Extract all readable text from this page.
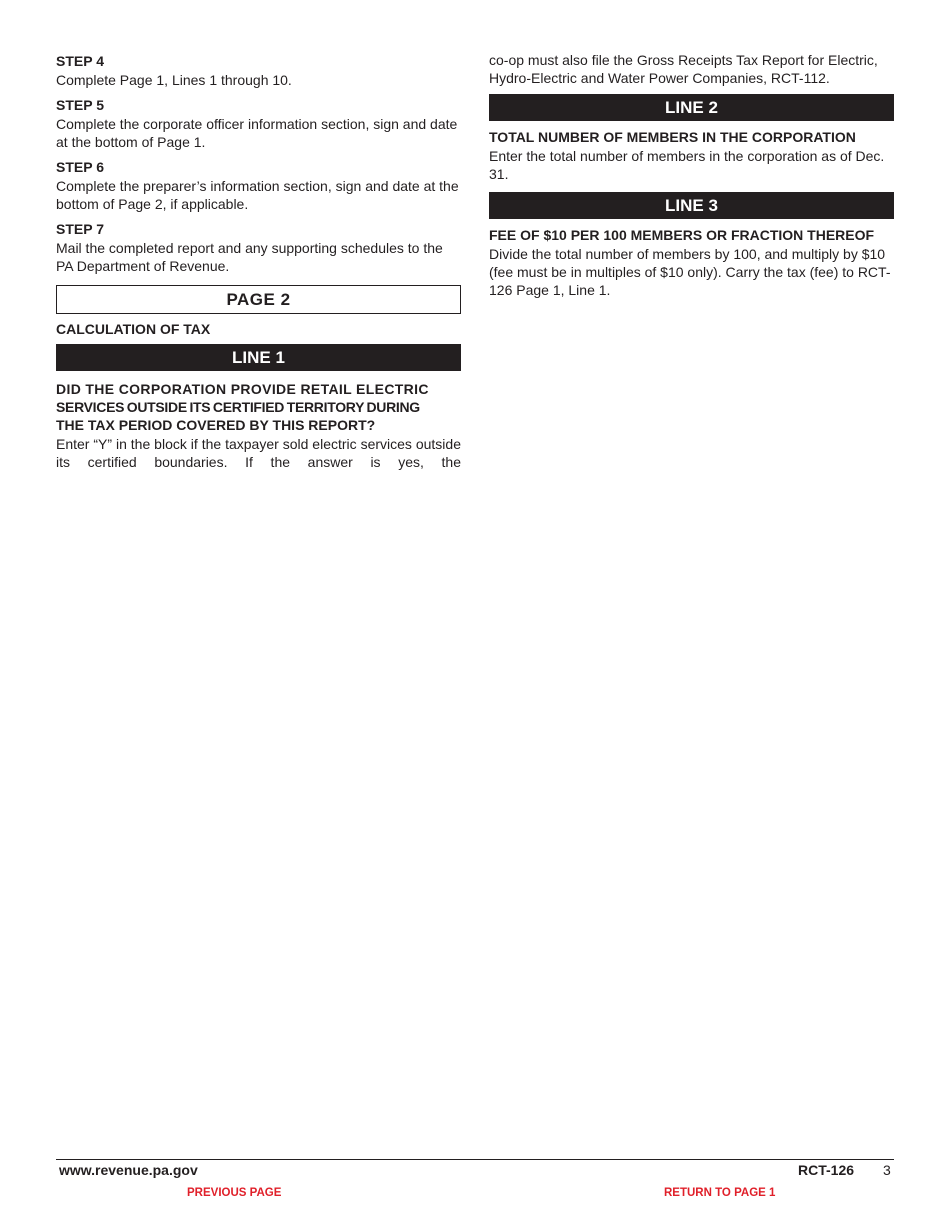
STEP 4

Complete Page 1, Lines 1 through 10.

STEP 5

Complete the corporate officer information section, sign and date at the bottom of Page 1.

STEP 6

Complete the preparer’s information section, sign and date at the bottom of Page 2, if applicable.

STEP 7

Mail the completed report and any supporting schedules to the PA Department of Revenue.

PAGE 2

CALCULATION OF TAX

LINE 1
DID THE CORPORATION PROVIDE RETAIL ELECTRIC
SERVICES OUTSIDE ITS CERTIFIED TERRITORY DURING
THE TAX PERIOD COVERED BY THIS REPORT?

Enter “Y” in the block if the taxpayer sold electric services outside its certified boundaries. If the answer is yes, the

co-op must also file the Gross Receipts Tax Report for Electric, Hydro-Electric and Water Power Companies, RCT-112.

LINE 2

TOTAL NUMBER OF MEMBERS IN THE CORPORATION

Enter the total number of members in the corporation as of Dec. 31.

LINE 3

FEE OF $10 PER 100 MEMBERS OR FRACTION THEREOF

Divide the total number of members by 100, and multiply by $10 (fee must be in multiples of $10 only). Carry the tax (fee) to RCT-126 Page 1, Line 1.

www.revenue.pa.gov	RCT-126 3
PREVIOUS PAGE	RETURN TO PAGE 1
